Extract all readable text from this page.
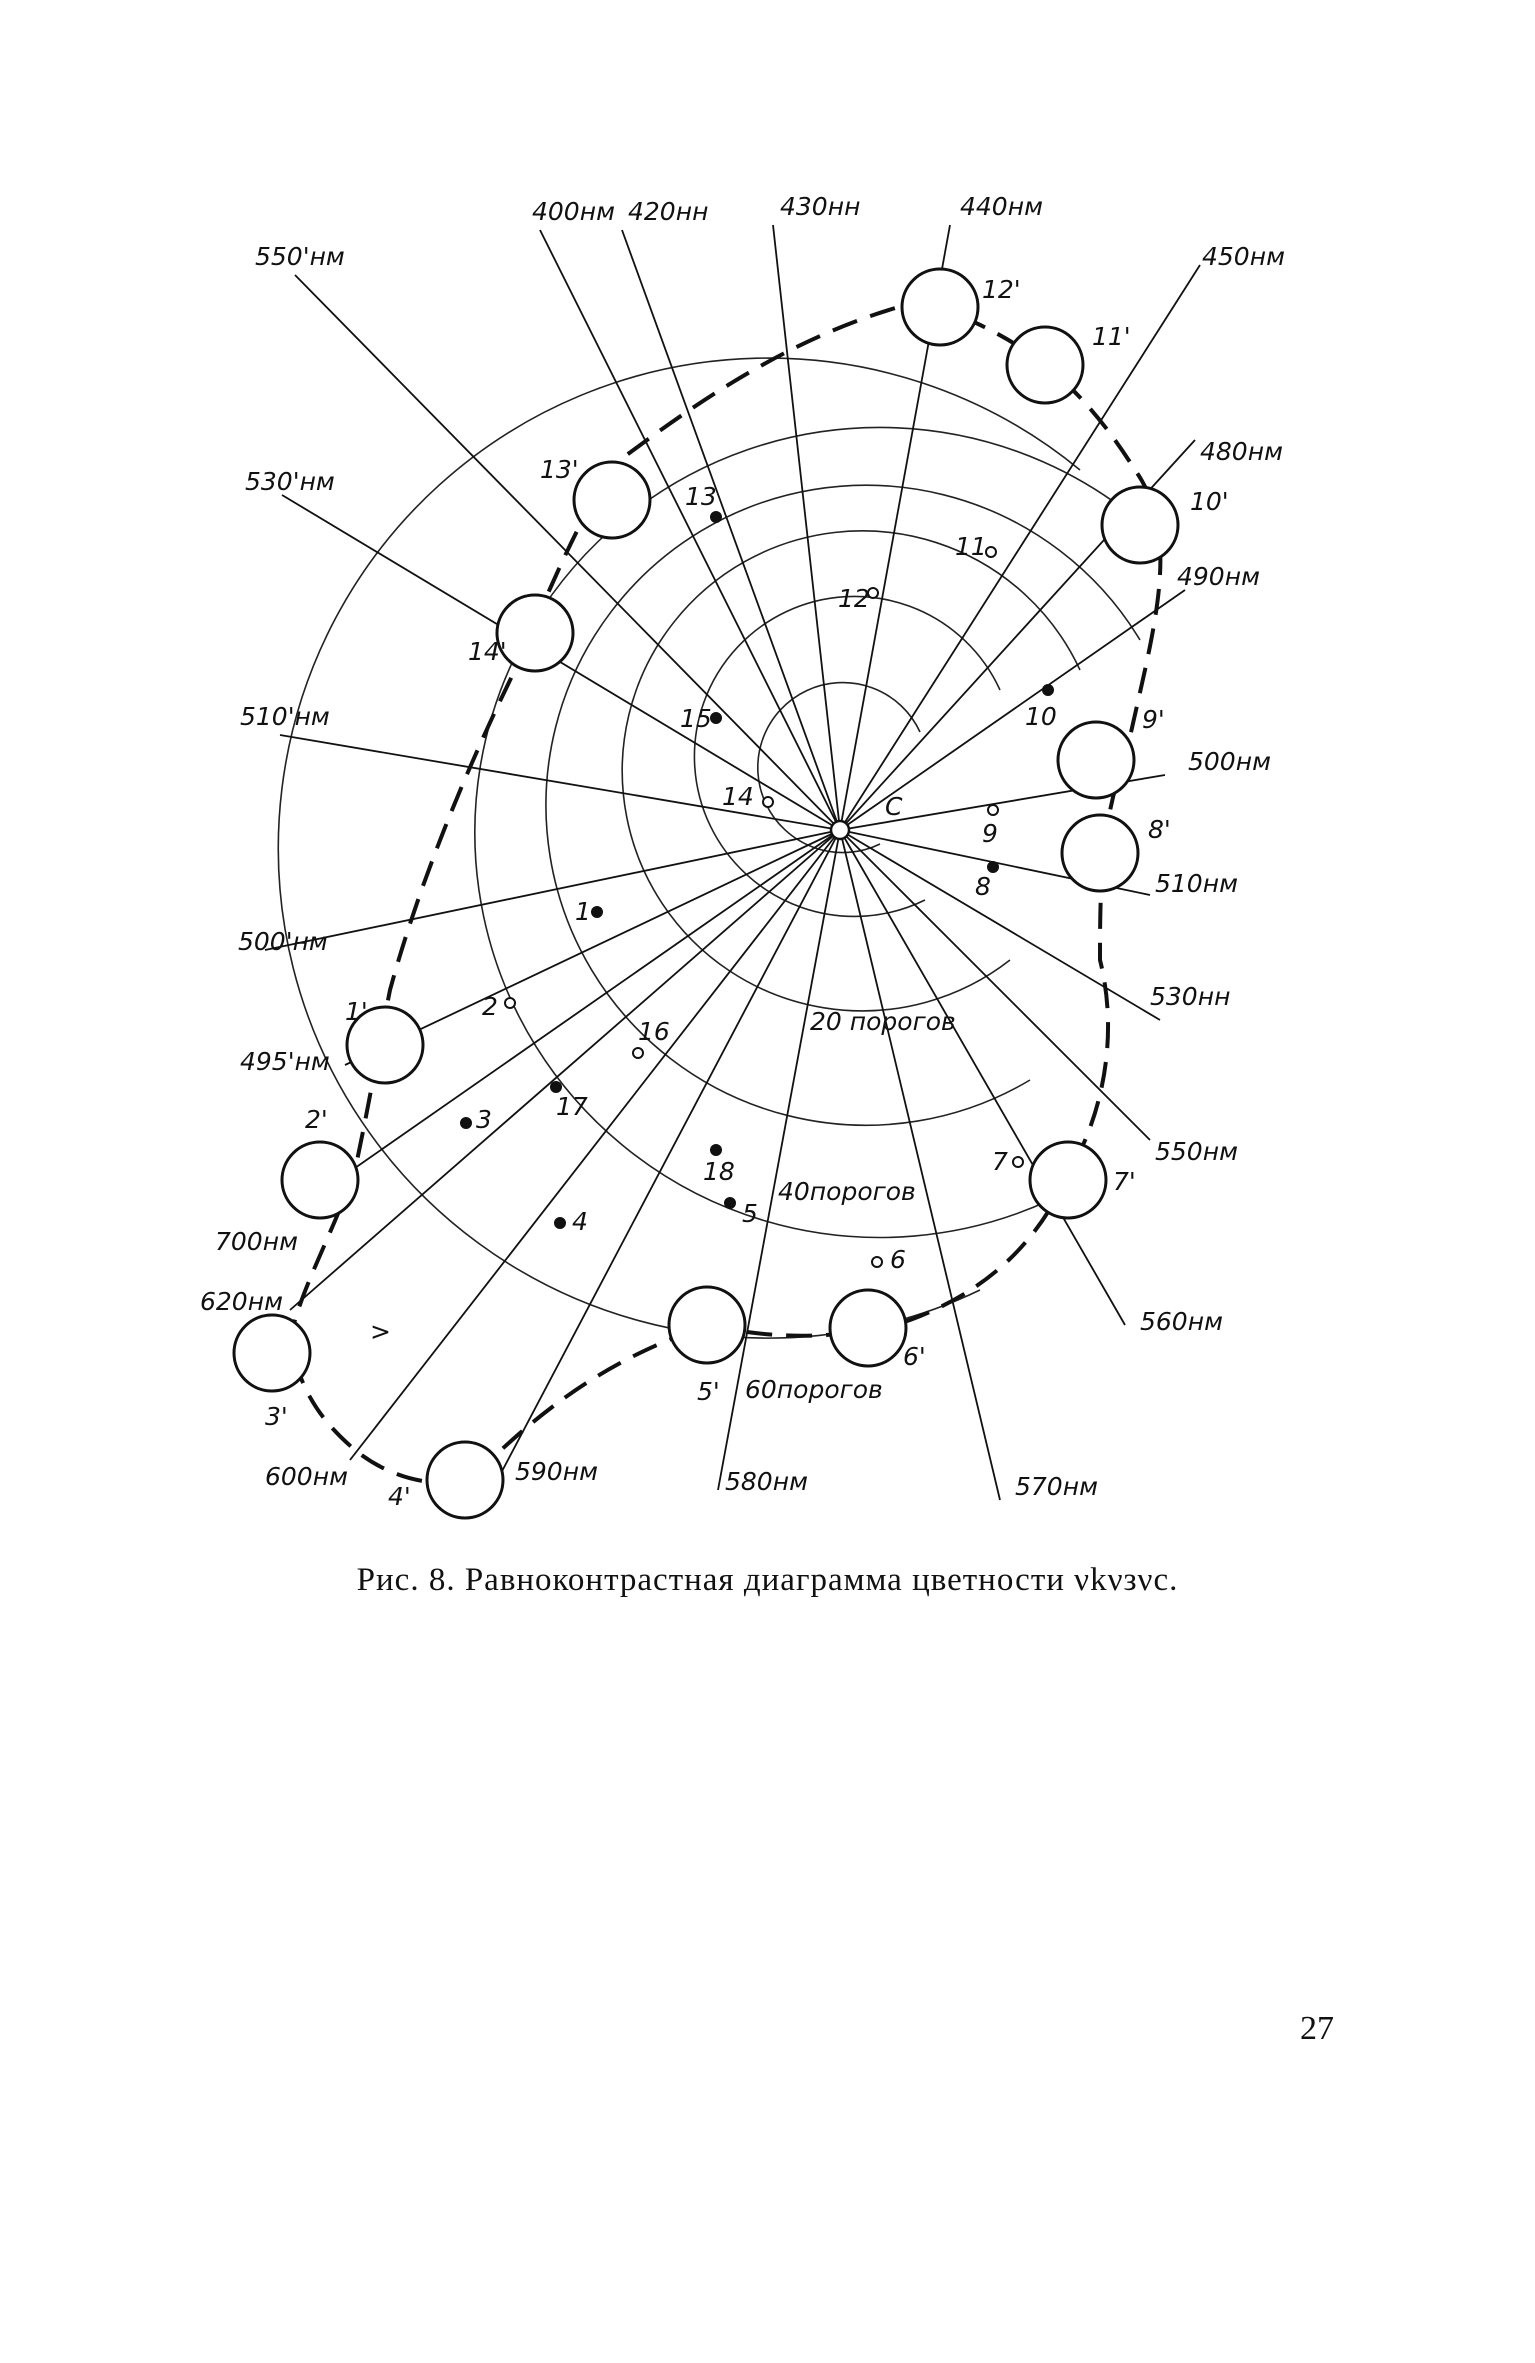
400нм 420нн	430нн	440нм
450нм
480нм
490нм
500нм
510нм
530нн
550нм
560нм
570нм
580нм
590нм
600нм
620нм
700нм
495'нм
500'нм
510'нм
530'нм
550'нм
20 порогов
40порогов
60порогов
С
1
2
3
4	5
6
7
8
9
10
11
12
13
14
15
16
17
18
1'
2'
3'
4'
5'
6'
7'
8'
9'
10'
11'
12'
13'
14'
>
Рис. 8. Равноконтрастная диаграмма цветности νkνзνc.
27
